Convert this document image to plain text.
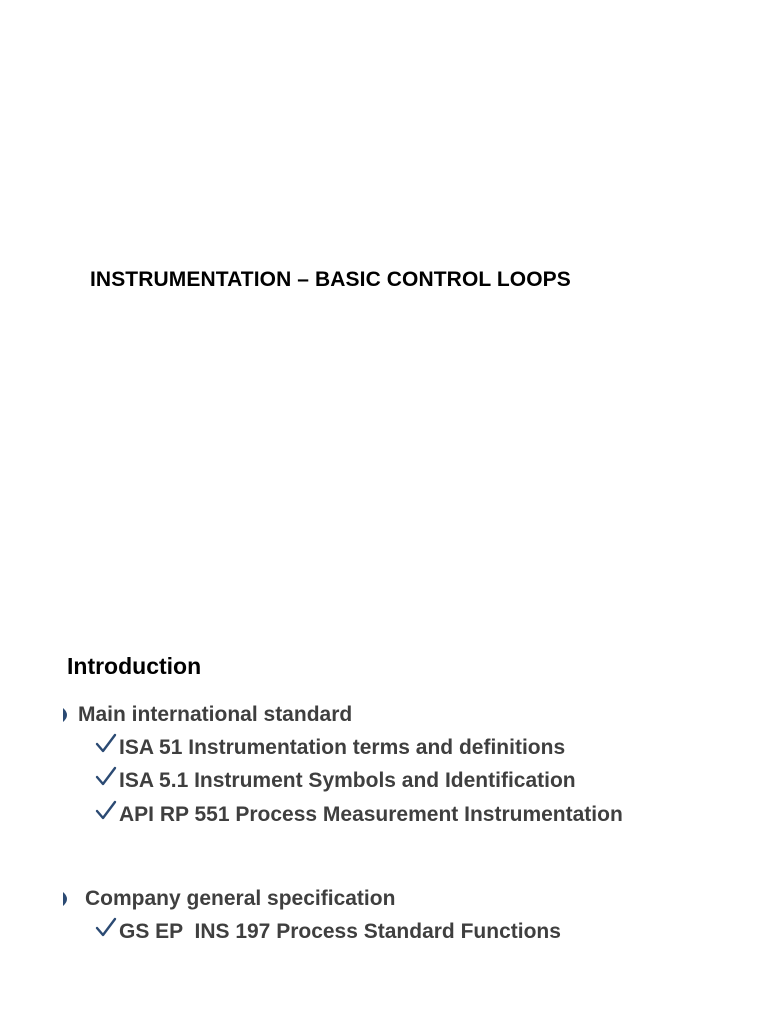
INSTRUMENTATION – BASIC CONTROL LOOPS
Introduction
Main international standard
ISA 51 Instrumentation terms and definitions
ISA 5.1 Instrument Symbols and Identification
API RP 551 Process Measurement Instrumentation
Company general specification
GS EP  INS 197 Process Standard Functions
